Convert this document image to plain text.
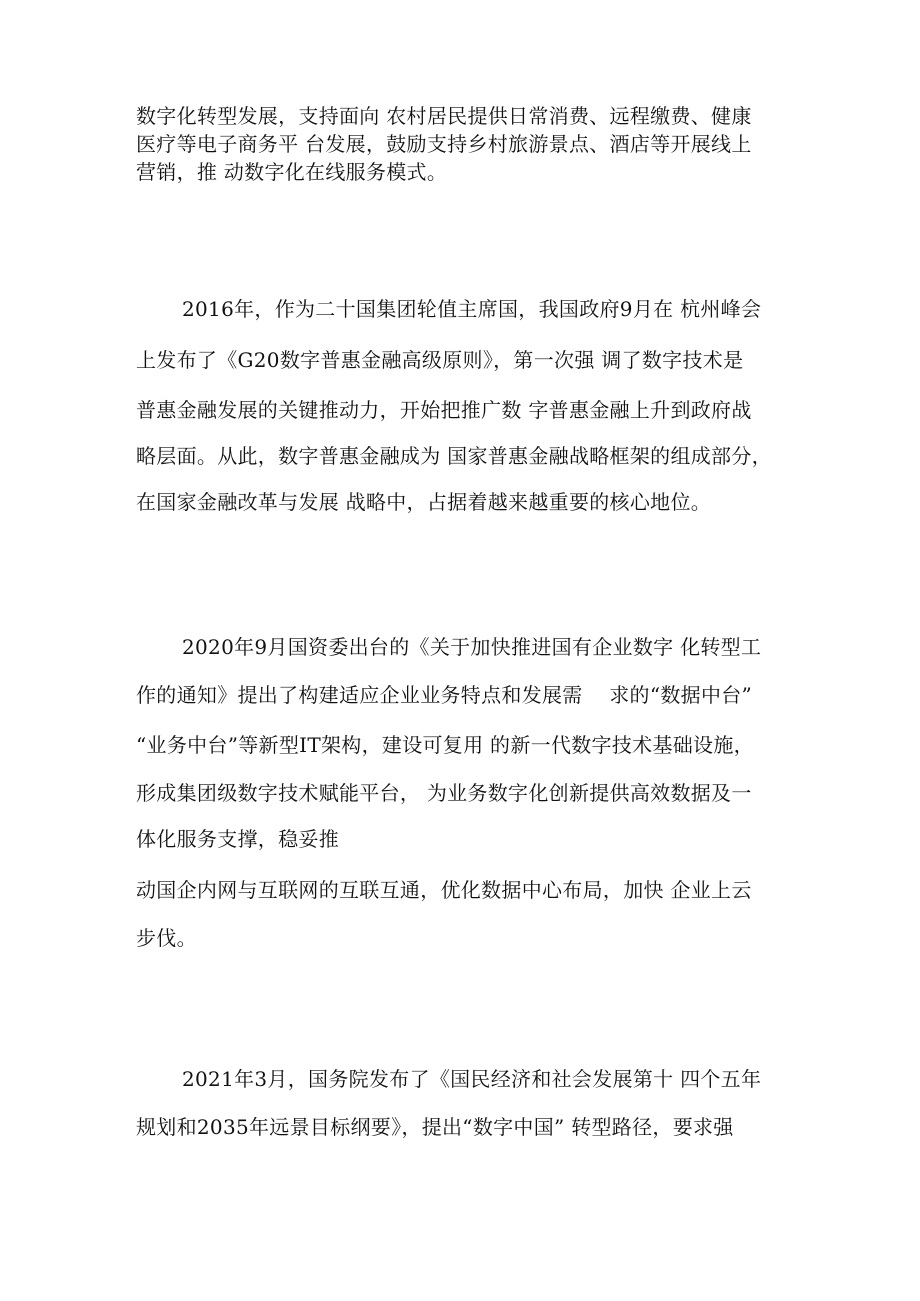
数字化转型发展，支持面向 农村居民提供日常消费、远程缴费、健康
医疗等电子商务平 台发展，鼓励支持乡村旅游景点、酒店等开展线上
营销，推 动数字化在线服务模式。
2016年，作为二十国集团轮值主席国，我国政府9月在 杭州峰会
上发布了《G20数字普惠金融高级原则》，第一次强 调了数字技术是
普惠金融发展的关键推动力，开始把推广数 字普惠金融上升到政府战
略层面。从此，数字普惠金融成为 国家普惠金融战略框架的组成部分，
在国家金融改革与发展 战略中，占据着越来越重要的核心地位。
2020年9月国资委出台的《关于加快推进国有企业数字 化转型工
作的通知》提出了构建适应企业业务特点和发展需    求的“数据中台”
“业务中台”等新型IT架构，建设可复用 的新一代数字技术基础设施，
形成集团级数字技术赋能平台， 为业务数字化创新提供高效数据及一
体化服务支撑，稳妥推
动国企内网与互联网的互联互通，优化数据中心布局，加快 企业上云
步伐。
2021年3月，国务院发布了《国民经济和社会发展第十 四个五年
规划和2035年远景目标纲要》，提出“数字中国” 转型路径，要求强
